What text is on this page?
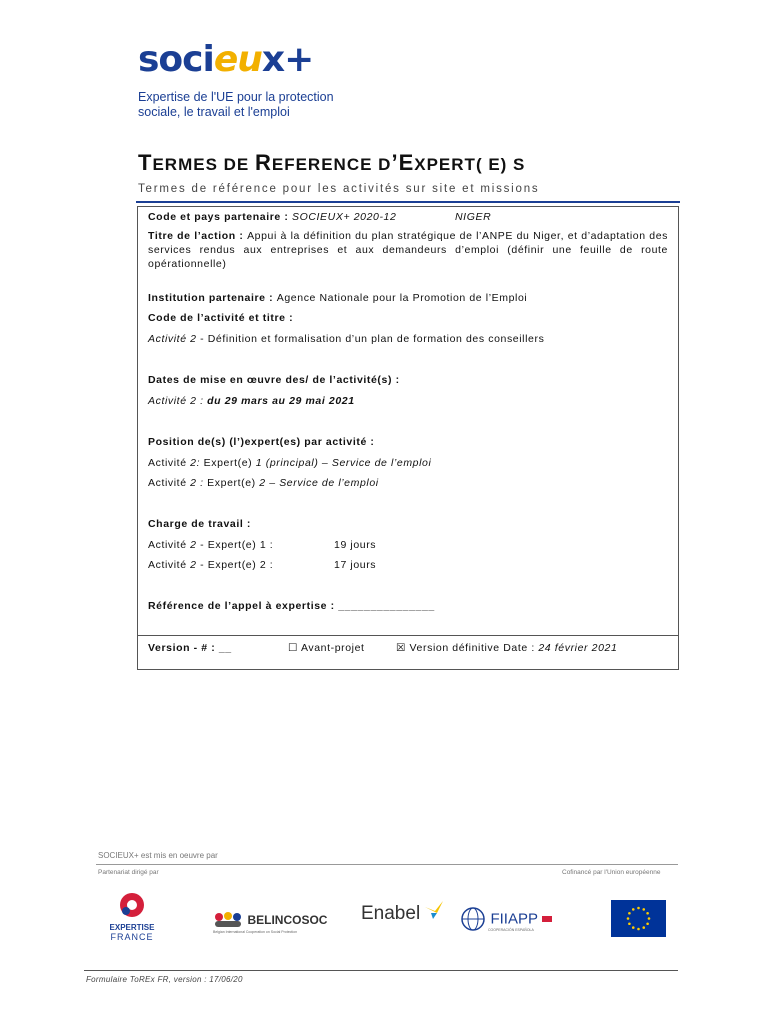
socieux+
Expertise de l'UE pour la protection
sociale, le travail et l'emploi
TERMES DE REFERENCE D’EXPERT( E) S
Termes de référence pour les activités sur site et missions
Code et pays partenaire : SOCIEUX+ 2020-12	NIGER
Titre de l’action : Appui à la définition du plan stratégique de l’ANPE du Niger, et d’adaptation des services rendus aux entreprises et aux demandeurs d’emploi (définir une feuille de route opérationnelle)
Institution partenaire : Agence Nationale pour la Promotion de l’Emploi
Code de l’activité et titre :
Activité 2 - Définition et formalisation d’un plan de formation des conseillers
Dates de mise en œuvre des/ de l’activité(s) :
Activité 2 : du 29 mars au 29 mai 2021
Position de(s) (l’)expert(es) par activité :
Activité 2: Expert(e) 1 (principal) – Service de l’emploi
Activité 2 : Expert(e) 2 – Service de l’emploi
Charge de travail :
Activité 2 - Expert(e) 1 :	19 jours
Activité 2 - Expert(e) 2 :	17 jours
Référence de l’appel à expertise : _______________
Version - # : __	☐ Avant-projet	☒ Version définitive Date : 24 février 2021
SOCIEUX+ est mis en oeuvre par
Partenariat dirigé par	Cofinancé par l'Union européenne
EXPERTISE
FRANCE
BELINCOSOC
Belgian International Cooperation on Social Protection
Enabel	FIIAPP
COOPERACIÓN ESPAÑOLA
Formulaire ToREx FR, version : 17/06/20
